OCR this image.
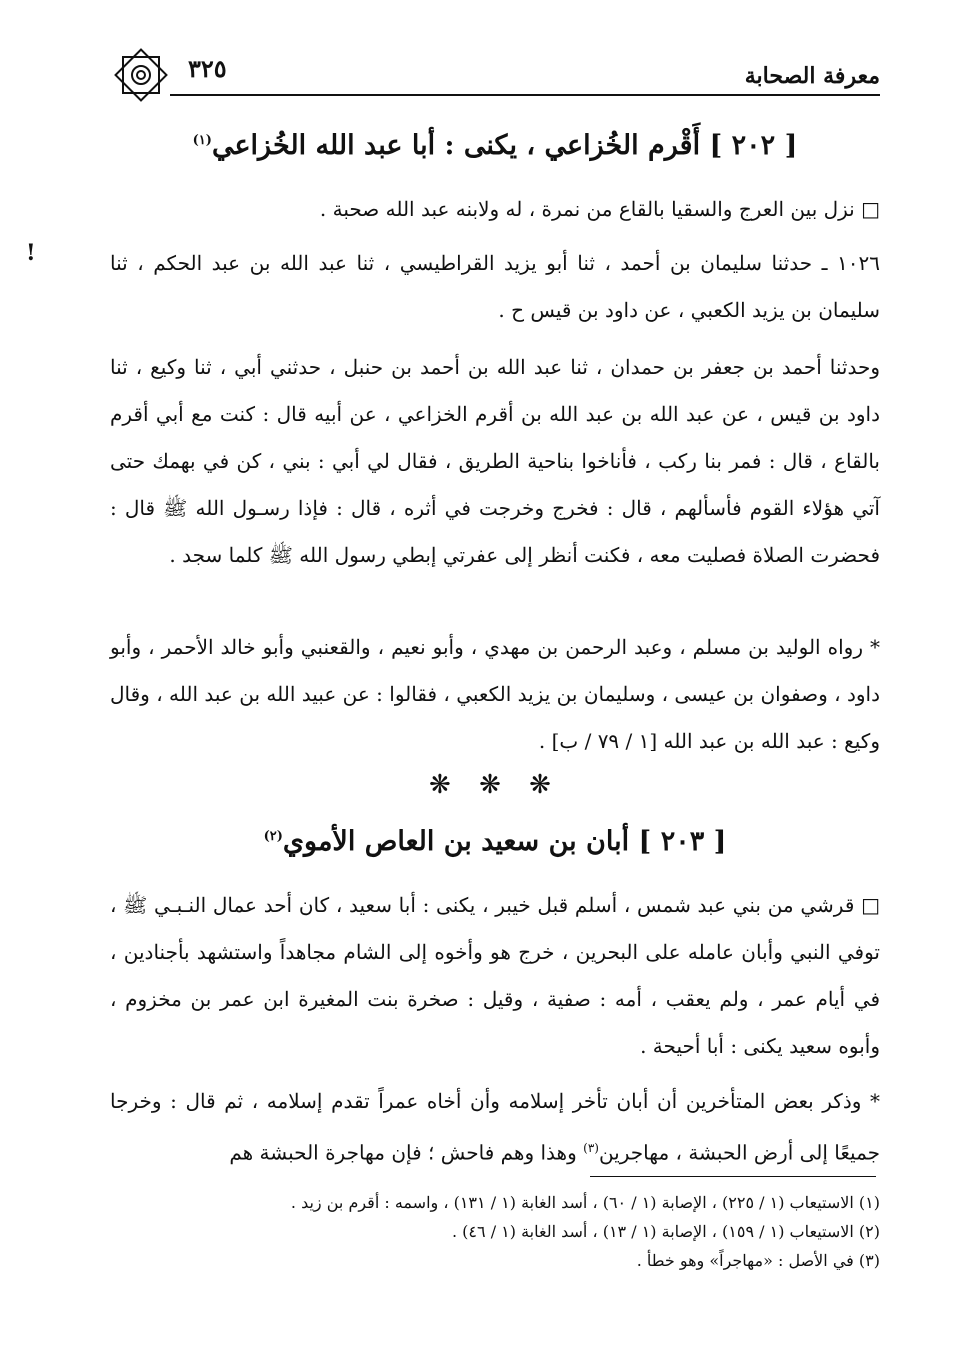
معرفة الصحابة
٣٢٥
[ ٢٠٢ ] أَقْرم الخُزاعي ، يكنى : أبا عبد الله الخُزاعي$^{(١)}$
□ نزل بين العرج والسقيا بالقاع من نمرة ، له ولابنه عبد الله صحبة .
١٠٢٦ ـ حدثنا سليمان بن أحمد ، ثنا أبو يزيد القراطيسي ، ثنا عبد الله بن عبد الحكم ، ثنا سليمان بن يزيد الكعبي ، عن داود بن قيس ح .
وحدثنا أحمد بن جعفر بن حمدان ، ثنا عبد الله بن أحمد بن حنبل ، حدثني أبي ، ثنا وكيع ، ثنا داود بن قيس ، عن عبد الله بن عبد الله بن أقرم الخزاعي ، عن أبيه قال : كنت مع أبي أقرم بالقاع ، قال : فمر بنا ركب ، فأناخوا بناحية الطريق ، فقال لي أبي : بني ، كن في بهمك حتى آتي هؤلاء القوم فأسألهم ، قال : فخرج وخرجت في أثره ، قال : فإذا رسـول الله ﷺ قال : فحضرت الصلاة فصليت معه ، فكنت أنظر إلى عفرتي إبطي رسول الله ﷺ كلما سجد .
* رواه الوليد بن مسلم ، وعبد الرحمن بن مهدي ، وأبو نعيم ، والقعنبي وأبو خالد الأحمر ، وأبو داود ، وصفوان بن عيسى ، وسليمان بن يزيد الكعبي ، فقالوا : عن عبيد الله بن عبد الله ، وقال وكيع : عبد الله بن عبد الله [١ / ٧٩ / ب] .
❋ ❋ ❋
[ ٢٠٣ ] أبان بن سعيد بن العاص الأموي$^{(٢)}$
□ قرشي من بني عبد شمس ، أسلم قبل خيبر ، يكنى : أبا سعيد ، كان أحد عمال النـبـي ﷺ ، توفي النبي وأبان عامله على البحرين ، خرج هو وأخوه إلى الشام مجاهداً واستشهد بأجنادين ، في أيام عمر ، ولم يعقب ، أمه : صفية ، وقيل : صخرة بنت المغيرة ابن عمر بن مخزوم ، وأبوه سعيد يكنى : أبا أحيحة .
* وذكر بعض المتأخرين أن أبان تأخر إسلامه وأن أخاه عمراً تقدم إسلامه ، ثم قال : وخرجا جميعًا إلى أرض الحبشة ، مهاجرين$^{(٣)}$ وهذا وهم فاحش ؛ فإن مهاجرة الحبشة هم
(١) الاستيعاب (١ / ٢٢٥) ، الإصابة (١ / ٦٠) ، أسد الغابة (١ / ١٣١) ، واسمه : أقرم بن زيد .
(٢) الاستيعاب (١ / ١٥٩) ، الإصابة (١ / ١٣) ، أسد الغابة (١ / ٤٦) .
(٣) في الأصل : «مهاجراً» وهو خطأ .
!
